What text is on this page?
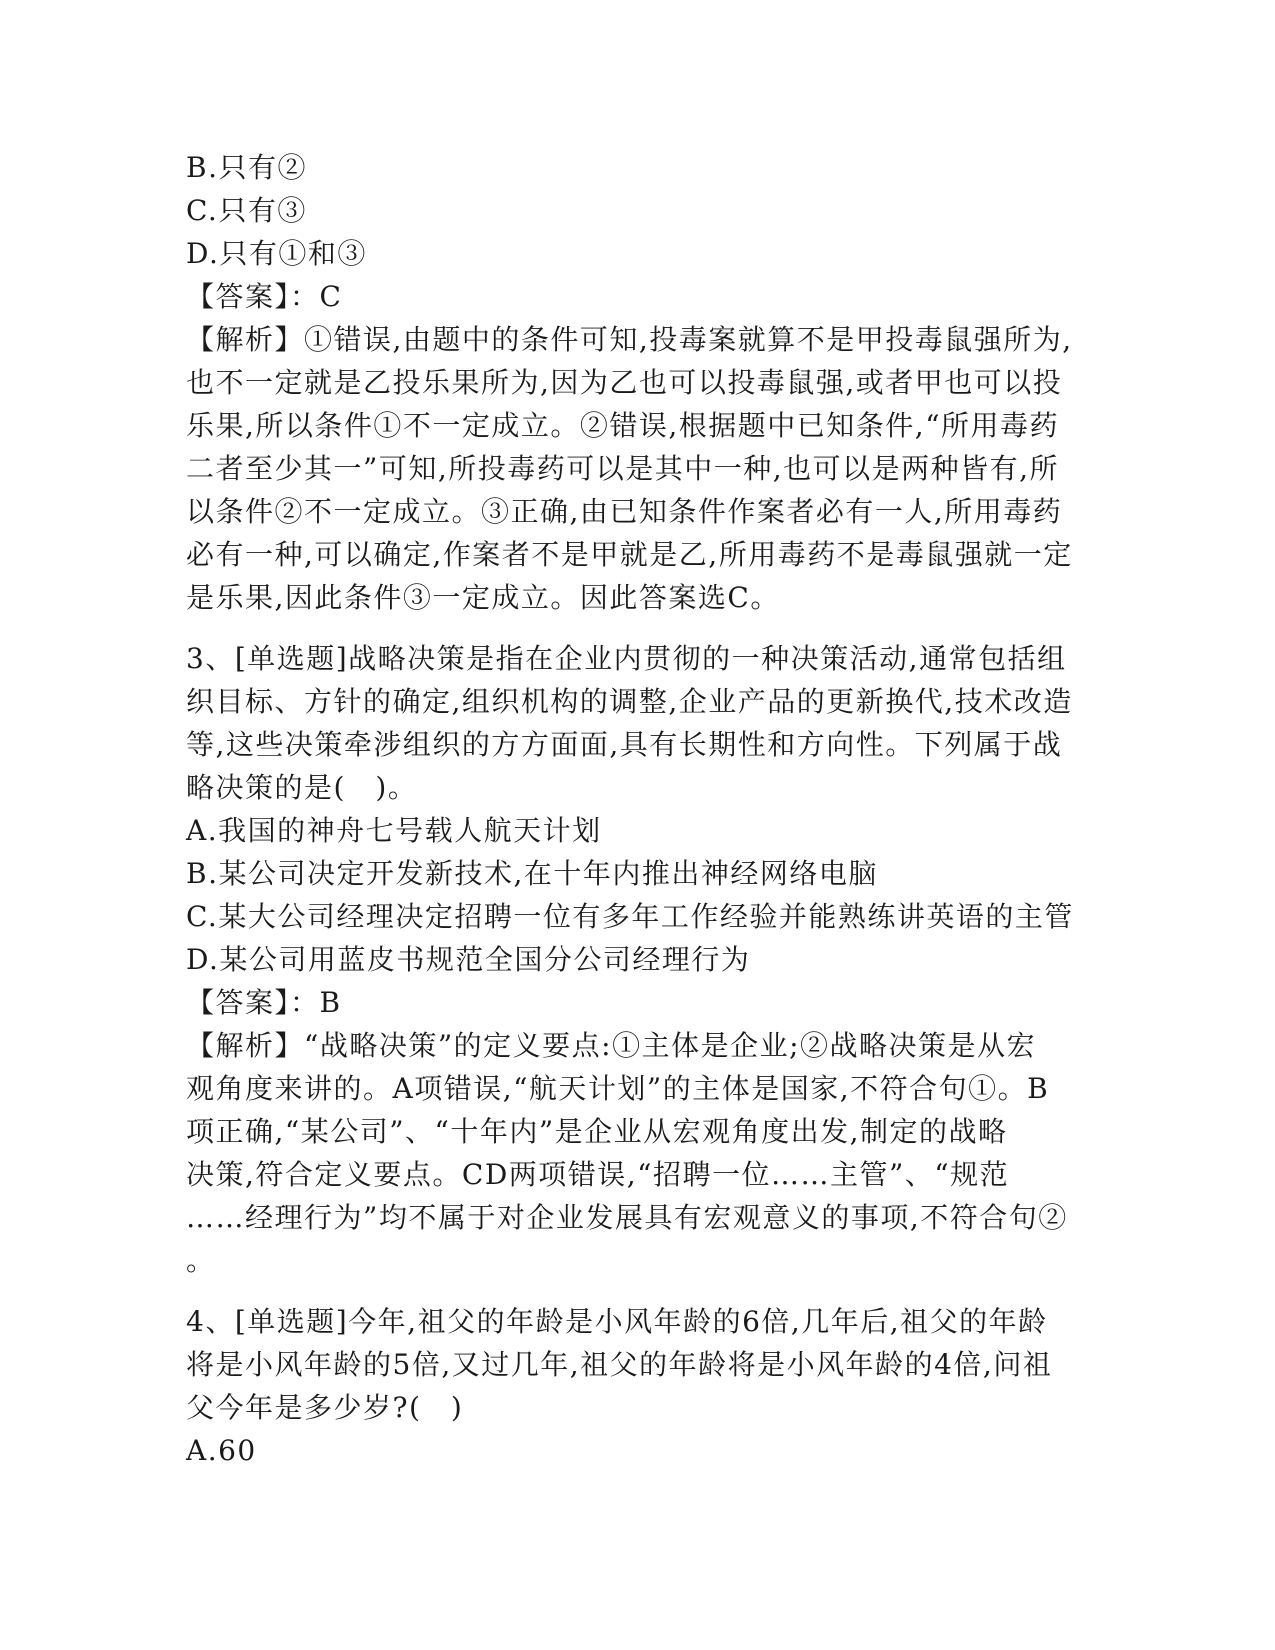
B.只有②
C.只有③
D.只有①和③
【答案】：C
【解析】①错误,由题中的条件可知,投毒案就算不是甲投毒鼠强所为,
也不一定就是乙投乐果所为,因为乙也可以投毒鼠强,或者甲也可以投
乐果,所以条件①不一定成立。②错误,根据题中已知条件,“所用毒药
二者至少其一”可知,所投毒药可以是其中一种,也可以是两种皆有,所
以条件②不一定成立。③正确,由已知条件作案者必有一人,所用毒药
必有一种,可以确定,作案者不是甲就是乙,所用毒药不是毒鼠强就一定
是乐果,因此条件③一定成立。因此答案选C。
3、[单选题]战略决策是指在企业内贯彻的一种决策活动,通常包括组
织目标、方针的确定,组织机构的调整,企业产品的更新换代,技术改造
等,这些决策牵涉组织的方方面面,具有长期性和方向性。下列属于战
略决策的是(　)。
A.我国的神舟七号载人航天计划
B.某公司决定开发新技术,在十年内推出神经网络电脑
C.某大公司经理决定招聘一位有多年工作经验并能熟练讲英语的主管
D.某公司用蓝皮书规范全国分公司经理行为
【答案】：B
【解析】“战略决策”的定义要点:①主体是企业;②战略决策是从宏
观角度来讲的。A项错误,“航天计划”的主体是国家,不符合句①。B
项正确,“某公司”、“十年内”是企业从宏观角度出发,制定的战略
决策,符合定义要点。CD两项错误,“招聘一位……主管”、“规范
……经理行为”均不属于对企业发展具有宏观意义的事项,不符合句②
。
4、[单选题]今年,祖父的年龄是小风年龄的6倍,几年后,祖父的年龄
将是小风年龄的5倍,又过几年,祖父的年龄将是小风年龄的4倍,问祖
父今年是多少岁?(　)
A.60
